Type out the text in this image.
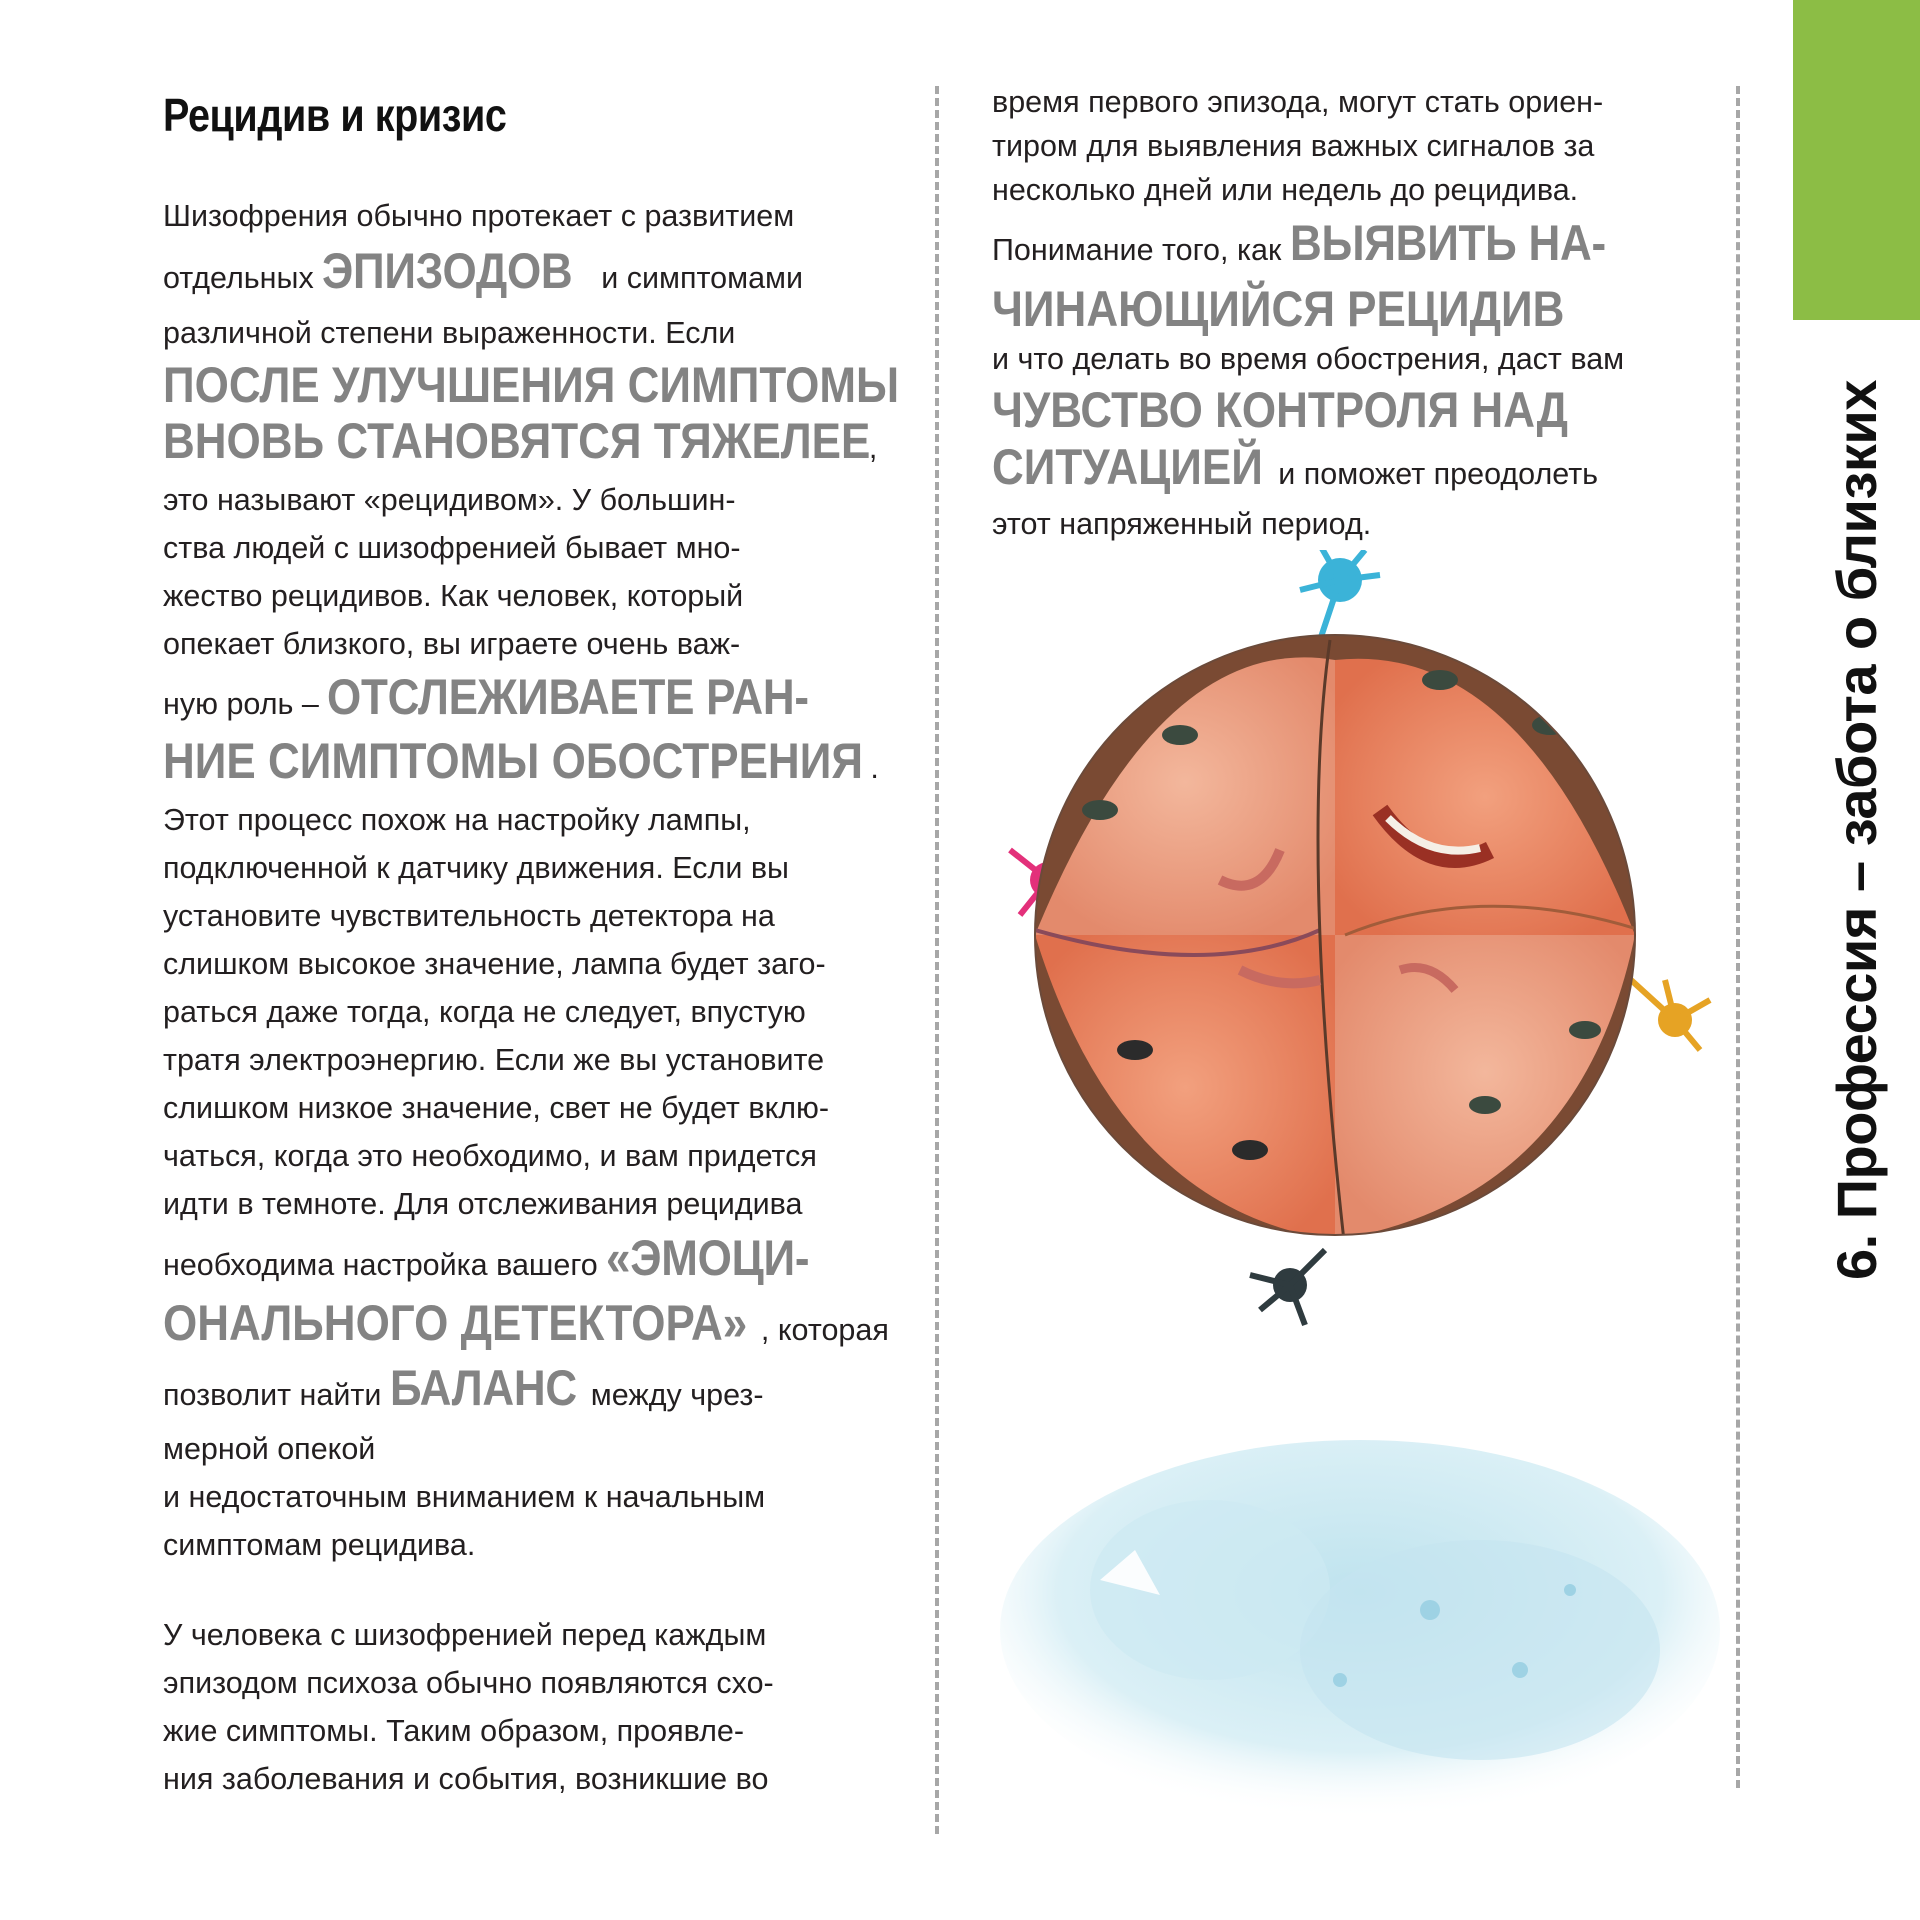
6. Профессия – забота о близких
Рецидив и кризис
Шизофрения обычно протекает с развитием
отдельных ЭПИЗОДОВ и симптомами
различной степени выраженности. Если
ПОСЛЕ УЛУЧШЕНИЯ СИМПТОМЫ
ВНОВЬ СТАНОВЯТСЯ ТЯЖЕЛЕЕ,
это называют «рецидивом». У большин-
ства людей с шизофренией бывает мно-
жество рецидивов. Как человек, который
опекает близкого, вы играете очень важ-
ную роль – ОТСЛЕЖИВАЕТЕ РАН-
НИЕ СИМПТОМЫ ОБОСТРЕНИЯ .
Этот процесс похож на настройку лампы,
подключенной к датчику движения. Если вы
установите чувствительность детектора на
слишком высокое значение, лампа будет заго-
раться даже тогда, когда не следует, впустую
тратя электроэнергию. Если же вы установите
слишком низкое значение, свет не будет вклю-
чаться, когда это необходимо, и вам придется
идти в темноте. Для отслеживания рецидива
необходима настройка вашего «ЭМОЦИ-
ОНАЛЬНОГО ДЕТЕКТОРА» , которая
позволит найти БАЛАНС между чрез-
мерной опекой
и недостаточным вниманием к начальным
симптомам рецидива.
У человека с шизофренией перед каждым
эпизодом психоза обычно появляются схо-
жие симптомы. Таким образом, проявле-
ния заболевания и события, возникшие во
время первого эпизода, могут стать ориен-
тиром для выявления важных сигналов за
несколько дней или недель до рецидива.
Понимание того, как ВЫЯВИТЬ НА-
ЧИНАЮЩИЙСЯ РЕЦИДИВ
и что делать во время обострения, даст вам
ЧУВСТВО КОНТРОЛЯ НАД
СИТУАЦИЕЙ и поможет преодолеть
этот напряженный период.
